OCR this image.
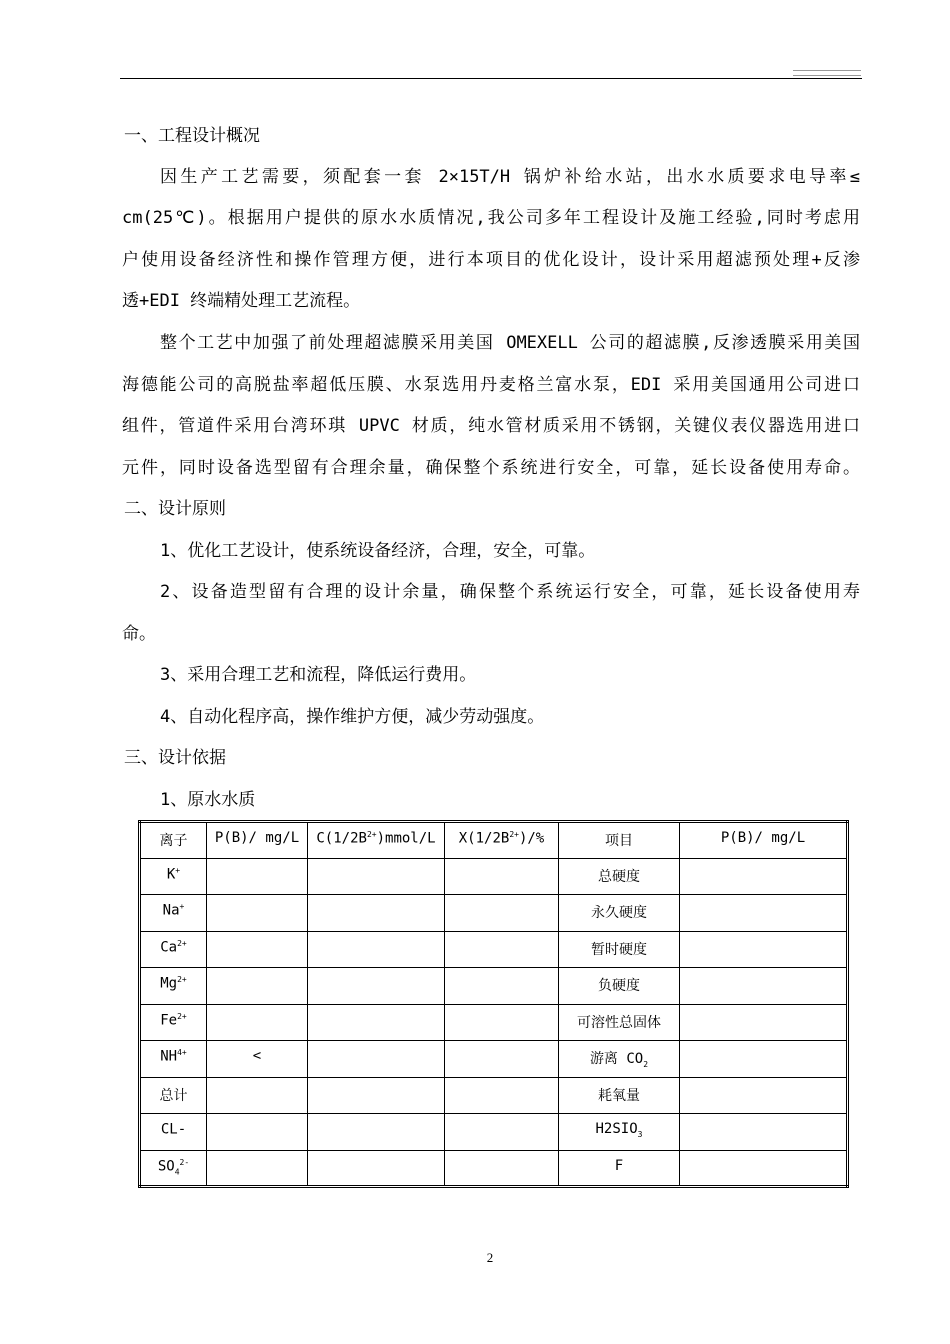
一、工程设计概况
因生产工艺需要，须配套一套 2×15T/H 锅炉补给水站，出水水质要求电导率≤
cm(25℃)。根据用户提供的原水水质情况,我公司多年工程设计及施工经验,同时考虑用
户使用设备经济性和操作管理方便，进行本项目的优化设计，设计采用超滤预处理+反渗
透+EDI 终端精处理工艺流程。
整个工艺中加强了前处理超滤膜采用美国 OMEXELL 公司的超滤膜,反渗透膜采用美国
海德能公司的高脱盐率超低压膜、水泵选用丹麦格兰富水泵，EDI 采用美国通用公司进口
组件，管道件采用台湾环琪 UPVC 材质，纯水管材质采用不锈钢，关键仪表仪器选用进口
元件，同时设备选型留有合理余量，确保整个系统进行安全，可靠，延长设备使用寿命。
二、设计原则
1、优化工艺设计，使系统设备经济，合理，安全，可靠。
2、设备造型留有合理的设计余量，确保整个系统运行安全，可靠，延长设备使用寿
命。
3、采用合理工艺和流程，降低运行费用。
4、自动化程序高，操作维护方便，减少劳动强度。
三、设计依据
1、原水水质
离子	P(B)/ mg/L	$C(1/2B^{2+})mmol/L$	$X(1/2B^{2+})/\%$	项目	P(B)/ mg/L
K+				总硬度	
Na+				永久硬度	
$Ca^{2+}$				暂时硬度	
$Mg^{2+}$				负硬度	
$Fe^{2+}$				可溶性总固体	
$NH^{4+}$	<			游离 $CO_2$	
总计				耗氧量	
CL-				$H2SIO_3$	
$SO_4^{2-}$				F	
2
